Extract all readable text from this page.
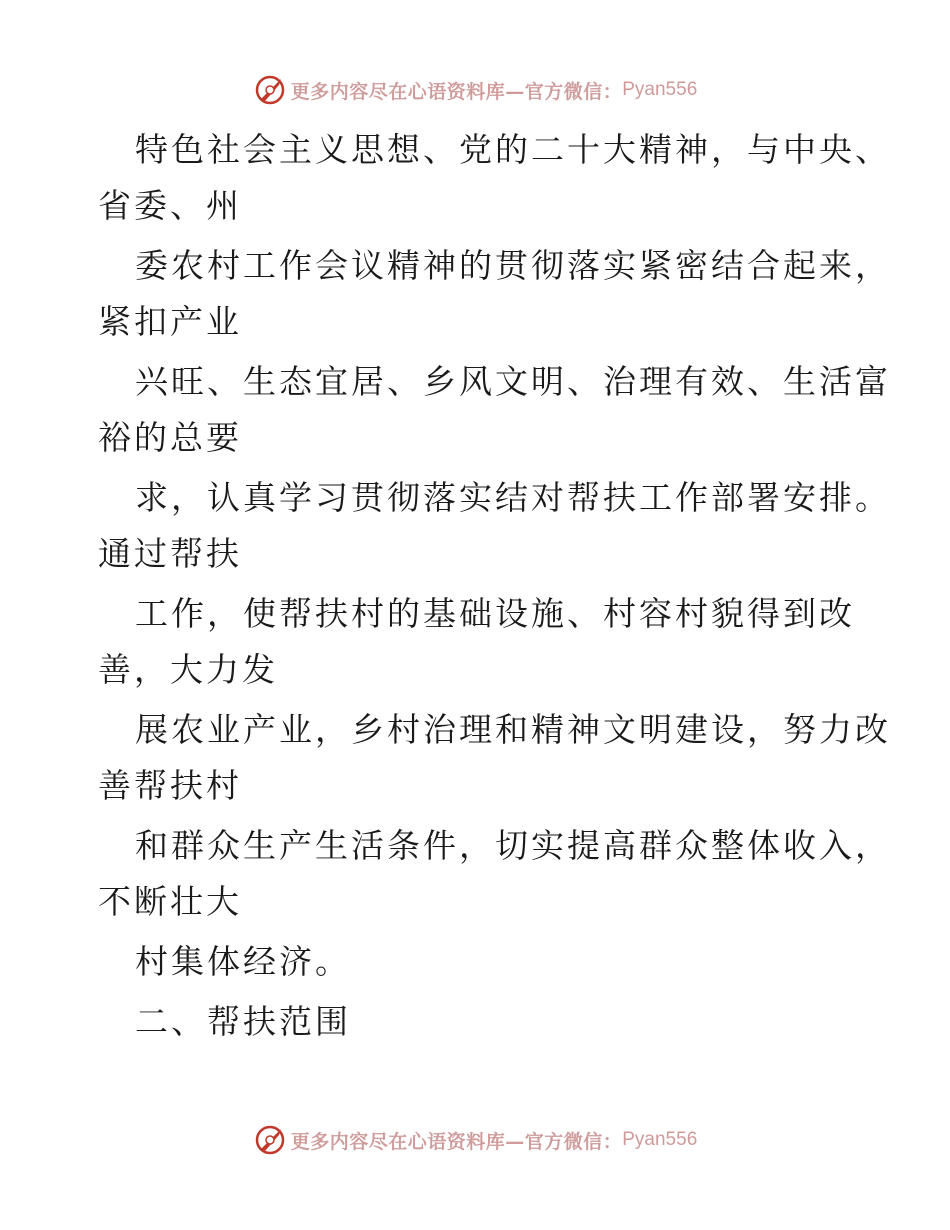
更多内容尽在心语资料库—官方微信： Pyan556
特色社会主义思想、党的二十大精神，与中央、
省委、州
委农村工作会议精神的贯彻落实紧密结合起来，
紧扣产业
兴旺、生态宜居、乡风文明、治理有效、生活富
裕的总要
求，认真学习贯彻落实结对帮扶工作部署安排。
通过帮扶
工作，使帮扶村的基础设施、村容村貌得到改
善，大力发
展农业产业，乡村治理和精神文明建设，努力改
善帮扶村
和群众生产生活条件，切实提高群众整体收入，
不断壮大
村集体经济。
二、帮扶范围
更多内容尽在心语资料库—官方微信： Pyan556
